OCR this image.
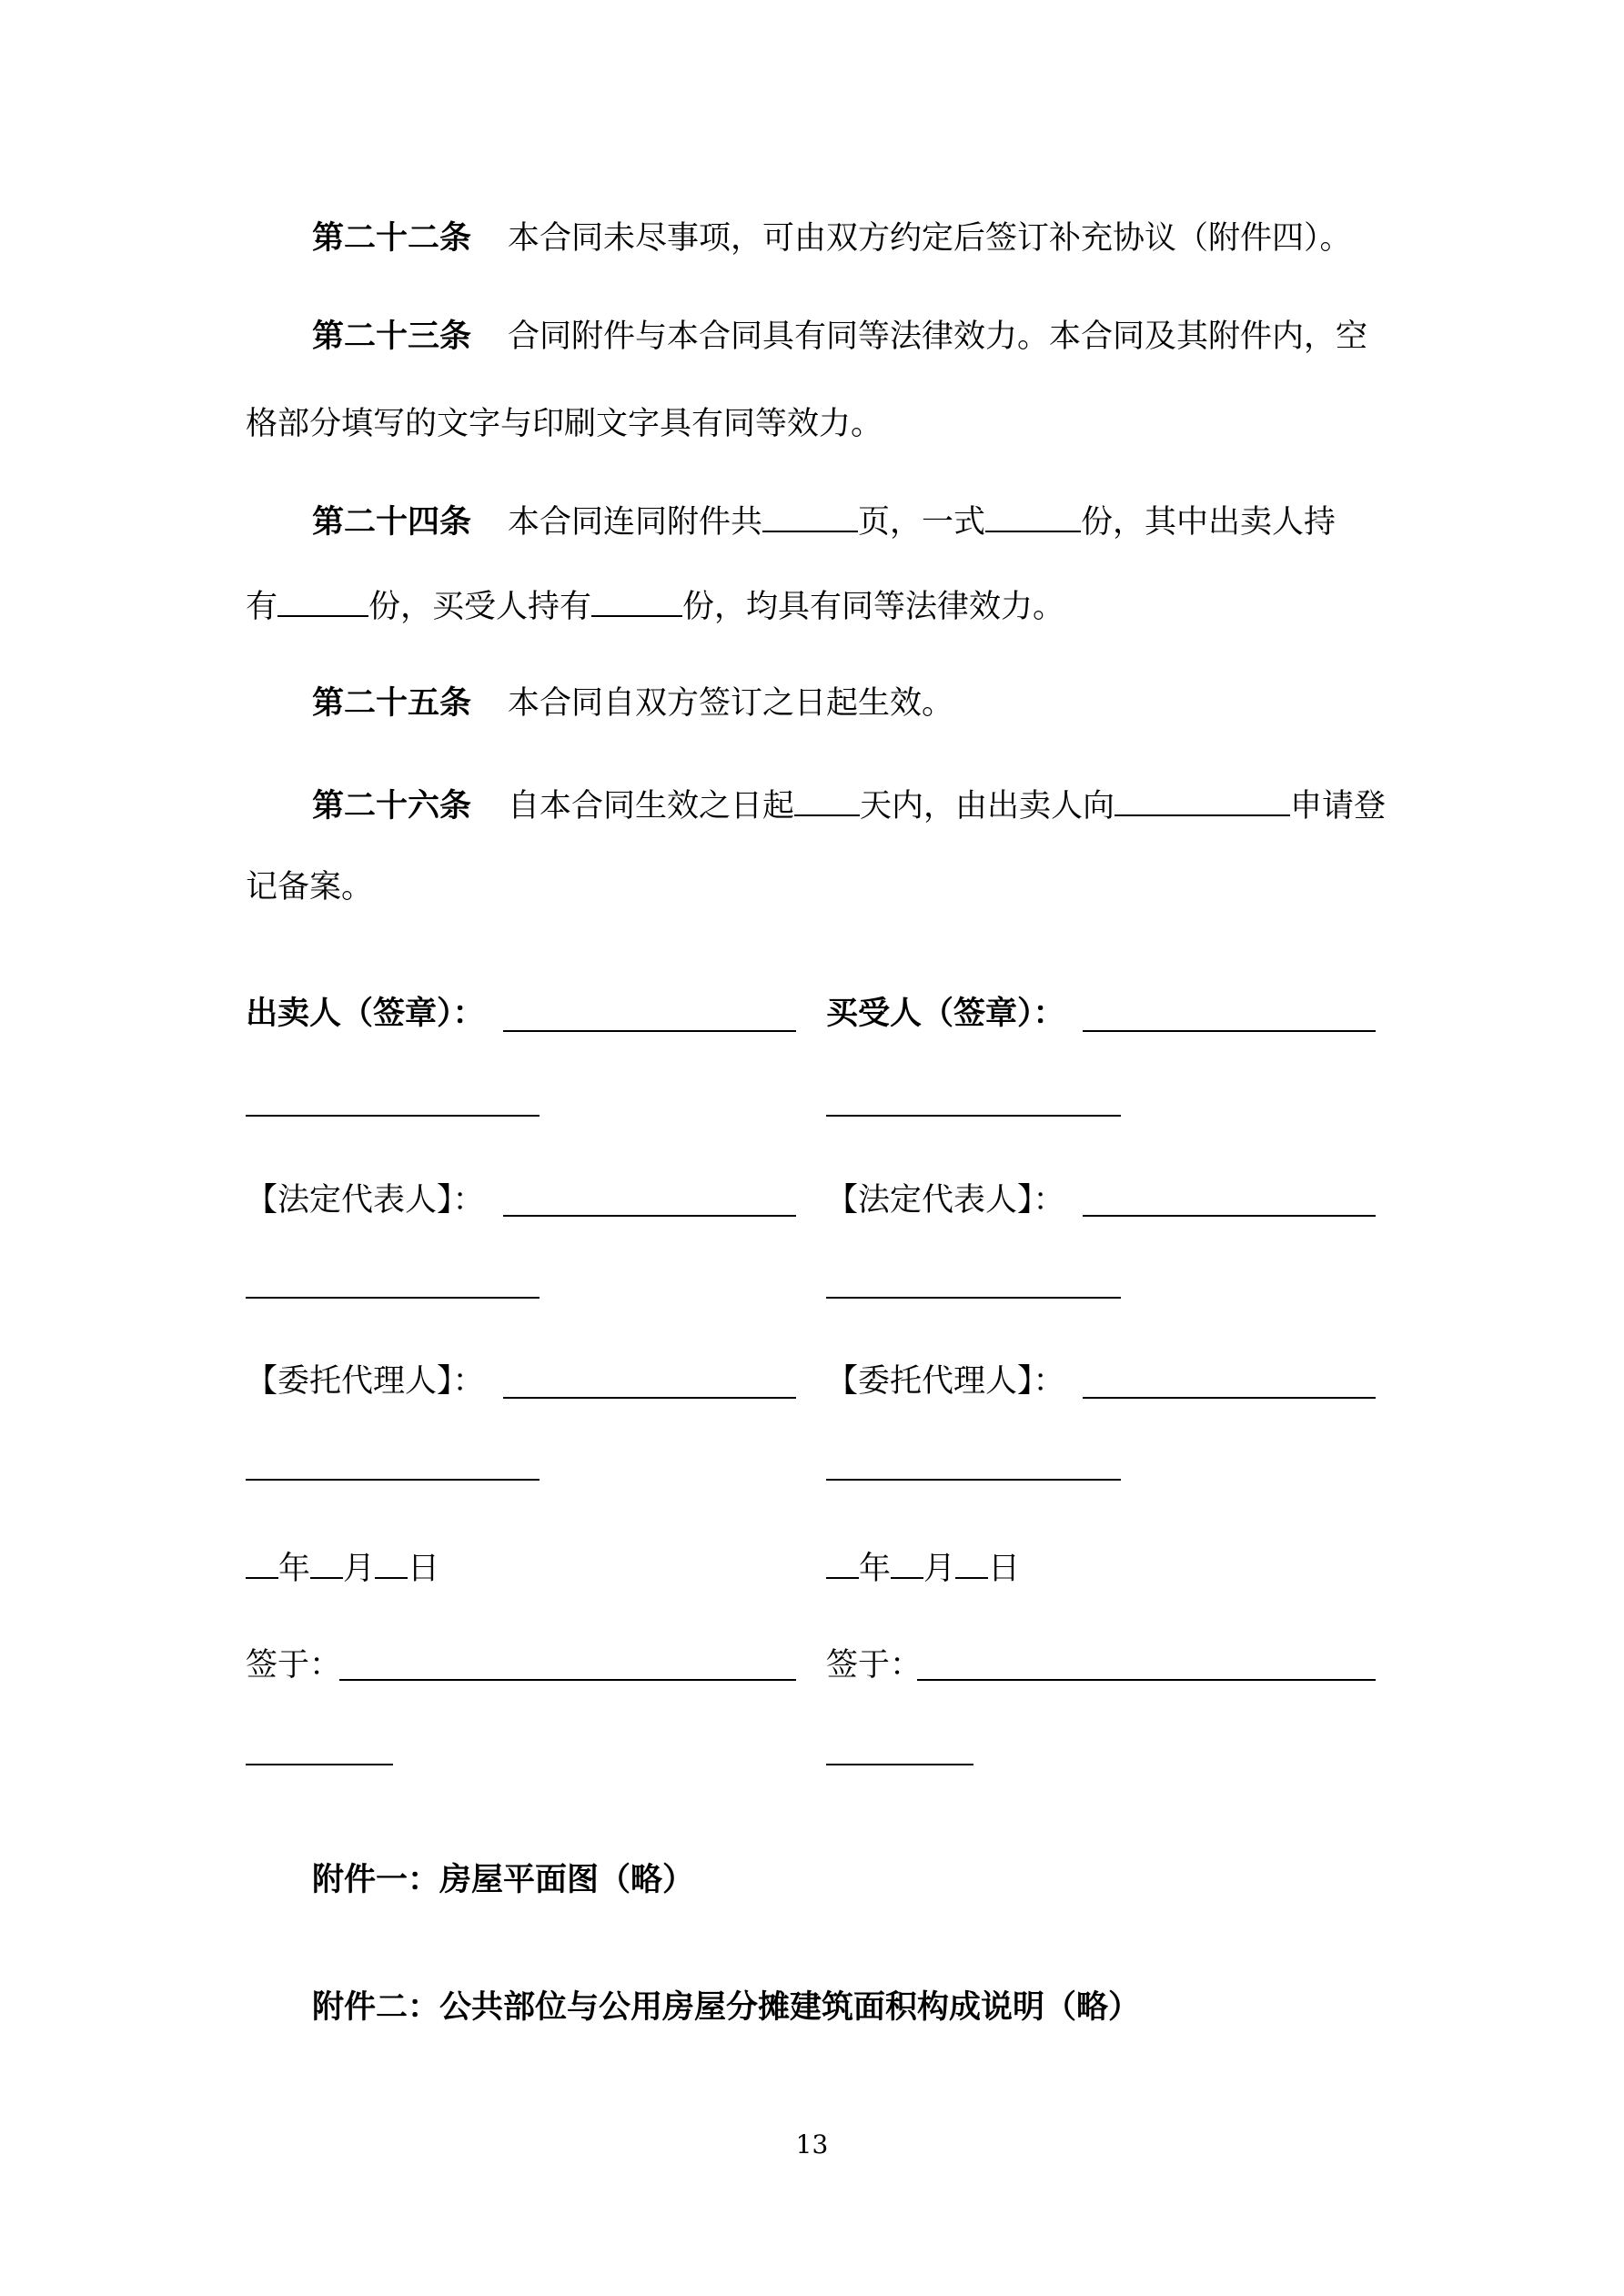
第二十二条 本合同未尽事项，可由双方约定后签订补充协议（附件四）。
第二十三条 合同附件与本合同具有同等法律效力。本合同及其附件内，空
格部分填写的文字与印刷文字具有同等效力。
第二十四条 本合同连同附件共	页，一式	份，其中出卖人持
有	份，买受人持有	份，均具有同等法律效力。
第二十五条 本合同自双方签订之日起生效。
第二十六条 自本合同生效之日起 天内，由出卖人向	申请登
记备案。
出卖人（签章）：
【法定代表人】：
【委托代理人】：
年 月 日
签于：
买受人（签章）：
【法定代表人】：
【委托代理人】：
年 月 日
签于：
附件一：房屋平面图（略）
附件二：公共部位与公用房屋分摊建筑面积构成说明（略）
13
